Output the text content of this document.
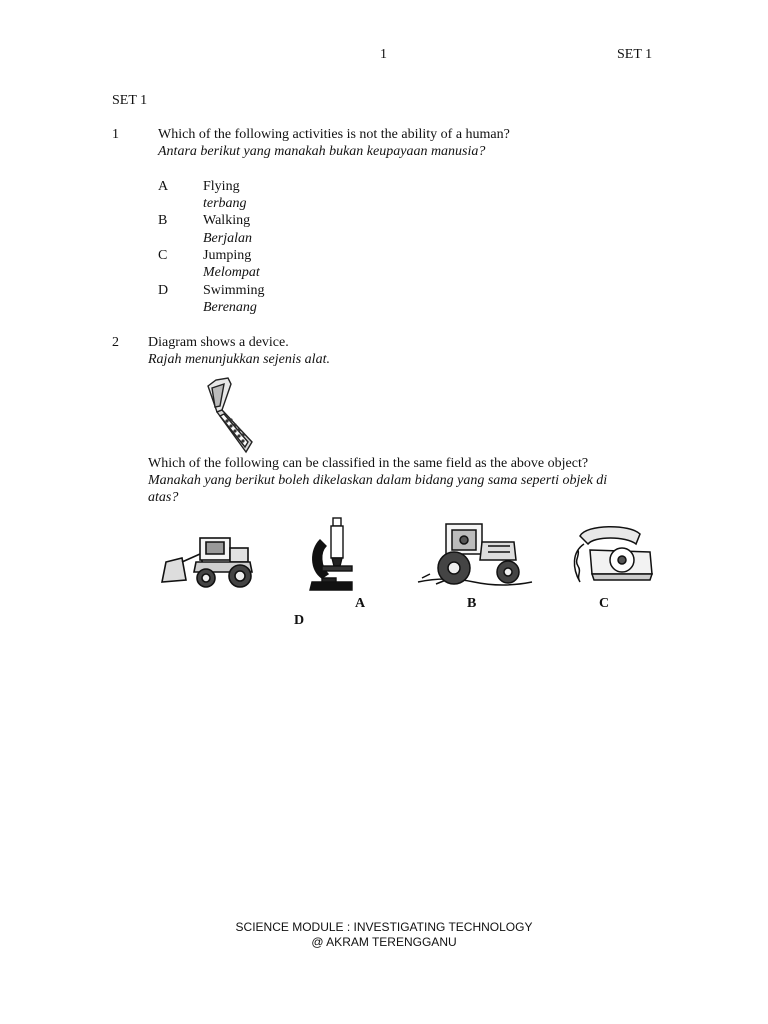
1	SET 1
SET 1
1	Which of the following activities is not the ability of a human?
Antara berikut yang manakah bukan keupayaan manusia?
A Flying
terbang
B	Walking
Berjalan
C	Jumping
Melompat
D Swimming
Berenang
2 Diagram shows a device.
Rajah menunjukkan sejenis alat.
Which of the following can be classified in the same field as the above object?
Manakah yang berikut boleh dikelaskan dalam bidang yang sama seperti objek di
atas?
A	B	C
D
SCIENCE MODULE : INVESTIGATING TECHNOLOGY
@ AKRAM TERENGGANU
